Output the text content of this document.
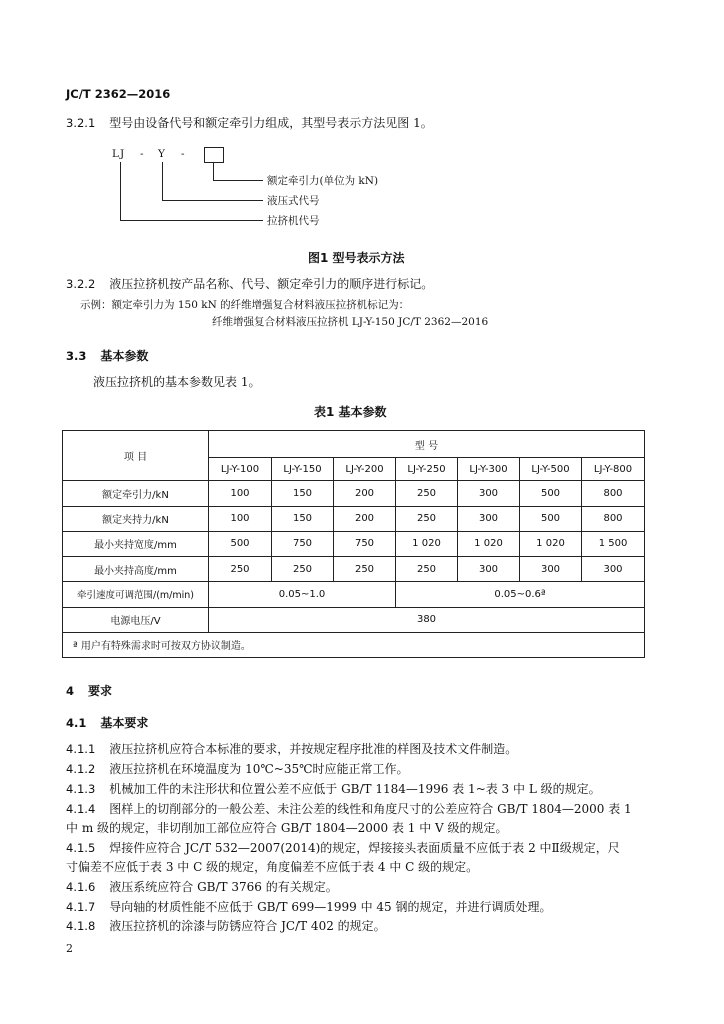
JC/T 2362—2016
3.2.1 型号由设备代号和额定牵引力组成，其型号表示方法见图 1。
LJ - Y -
额定牵引力(单位为 kN)
液压式代号
拉挤机代号
图1 型号表示方法
3.2.2 液压拉挤机按产品名称、代号、额定牵引力的顺序进行标记。
示例：额定牵引力为 150 kN 的纤维增强复合材料液压拉挤机标记为：
纤维增强复合材料液压拉挤机 LJ-Y-150 JC/T 2362—2016
3.3 基本参数
液压拉挤机的基本参数见表 1。
表1 基本参数
项 目	型 号						
	LJ-Y-100	LJ-Y-150	LJ-Y-200	LJ-Y-250	LJ-Y-300	LJ-Y-500	LJ-Y-800
额定牵引力/kN	100	150	200	250	300	500	800
额定夹持力/kN	100	150	200	250	300	500	800
最小夹持宽度/mm	500	750	750	1 020	1 020	1 020	1 500
最小夹持高度/mm	250	250	250	250	300	300	300
牵引速度可调范围/(m/min)	0.05~1.0			0.05~0.6ª			
电源电压/V	380						
ª 用户有特殊需求时可按双方协议制造。							
4 要求
4.1 基本要求
4.1.1 液压拉挤机应符合本标准的要求，并按规定程序批准的样图及技术文件制造。
4.1.2 液压拉挤机在环境温度为 10℃~35℃时应能正常工作。
4.1.3 机械加工件的未注形状和位置公差不应低于 GB/T 1184—1996 表 1~表 3 中 L 级的规定。
4.1.4 图样上的切削部分的一般公差、未注公差的线性和角度尺寸的公差应符合 GB/T 1804—2000 表 1
中 m 级的规定，非切削加工部位应符合 GB/T 1804—2000 表 1 中 V 级的规定。
4.1.5 焊接件应符合 JC/T 532—2007(2014)的规定，焊接接头表面质量不应低于表 2 中Ⅱ级规定，尺
寸偏差不应低于表 3 中 C 级的规定，角度偏差不应低于表 4 中 C 级的规定。
4.1.6 液压系统应符合 GB/T 3766 的有关规定。
4.1.7 导向轴的材质性能不应低于 GB/T 699—1999 中 45 钢的规定，并进行调质处理。
4.1.8 液压拉挤机的涂漆与防锈应符合 JC/T 402 的规定。
2
